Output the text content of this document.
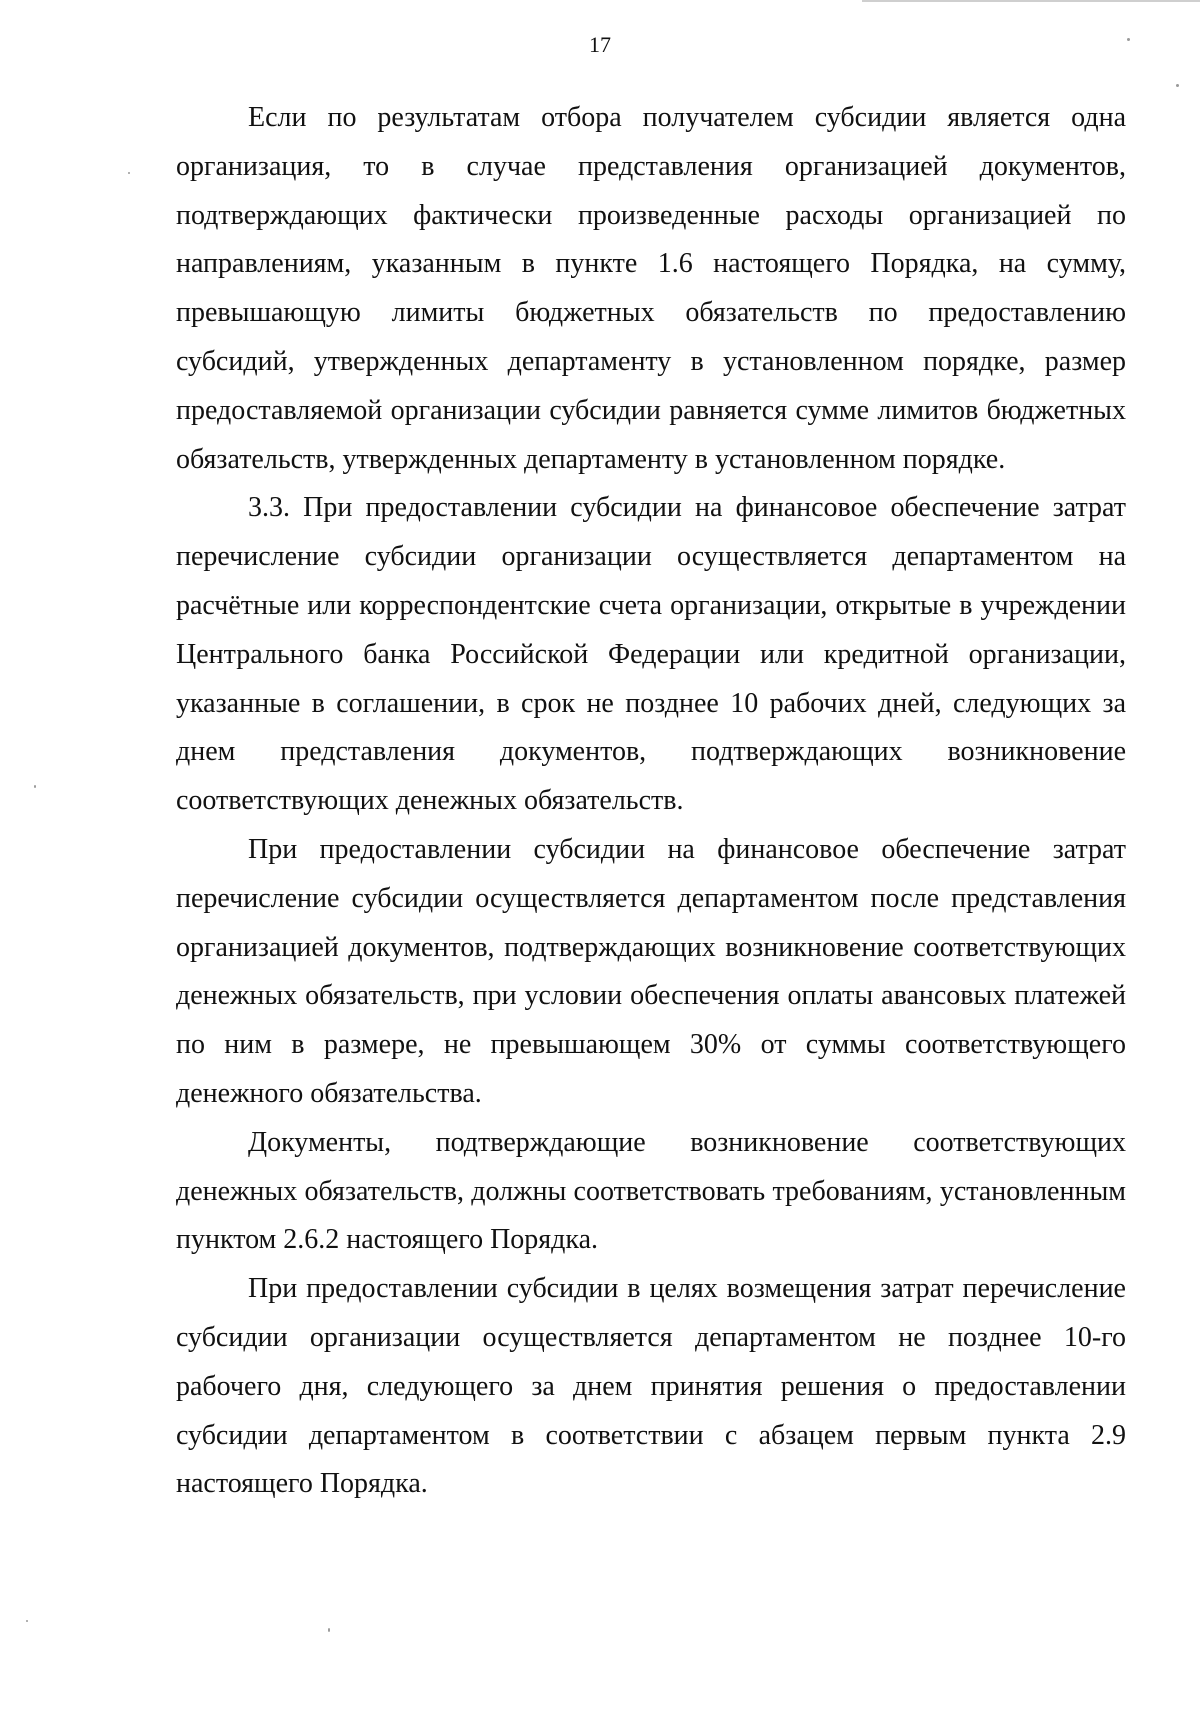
17

Если по результатам отбора получателем субсидии является одна организация, то в случае представления организацией документов, подтверждающих фактически произведенные расходы организацией по направлениям, указанным в пункте 1.6 настоящего Порядка, на сумму, превышающую лимиты бюджетных обязательств по предоставлению субсидий, утвержденных департаменту в установленном порядке, размер предоставляемой организации субсидии равняется сумме лимитов бюджетных обязательств, утвержденных департаменту в установленном порядке.

3.3. При предоставлении субсидии на финансовое обеспечение затрат перечисление субсидии организации осуществляется департаментом на расчётные или корреспондентские счета организации, открытые в учреждении Центрального банка Российской Федерации или кредитной организации, указанные в соглашении, в срок не позднее 10 рабочих дней, следующих за днем представления документов, подтверждающих возникновение соответствующих денежных обязательств.

При предоставлении субсидии на финансовое обеспечение затрат перечисление субсидии осуществляется департаментом после представления организацией документов, подтверждающих возникновение соответствующих денежных обязательств, при условии обеспечения оплаты авансовых платежей по ним в размере, не превышающем 30% от суммы соответствующего денежного обязательства.

Документы, подтверждающие возникновение соответствующих денежных обязательств, должны соответствовать требованиям, установленным пунктом 2.6.2 настоящего Порядка.

При предоставлении субсидии в целях возмещения затрат перечисление субсидии организации осуществляется департаментом не позднее 10-го рабочего дня, следующего за днем принятия решения о предоставлении субсидии департаментом в соответствии с абзацем первым пункта 2.9 настоящего Порядка.
